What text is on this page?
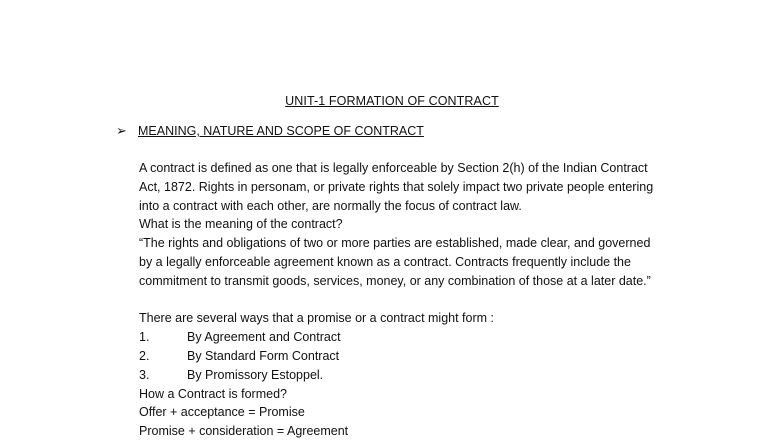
UNIT-1 FORMATION OF CONTRACT
➢ MEANING, NATURE AND SCOPE OF CONTRACT

A contract is defined as one that is legally enforceable by Section 2(h) of the Indian Contract

Act, 1872. Rights in personam, or private rights that solely impact two private people entering

into a contract with each other, are normally the focus of contract law.

What is the meaning of the contract?

“The rights and obligations of two or more parties are established, made clear, and governed

by a legally enforceable agreement known as a contract. Contracts frequently include the

commitment to transmit goods, services, money, or any combination of those at a later date.”

There are several ways that a promise or a contract might form :

1.	By Agreement and Contract

2.	By Standard Form Contract

3.	By Promissory Estoppel.

How a Contract is formed?

Offer + acceptance = Promise

Promise + consideration = Agreement
